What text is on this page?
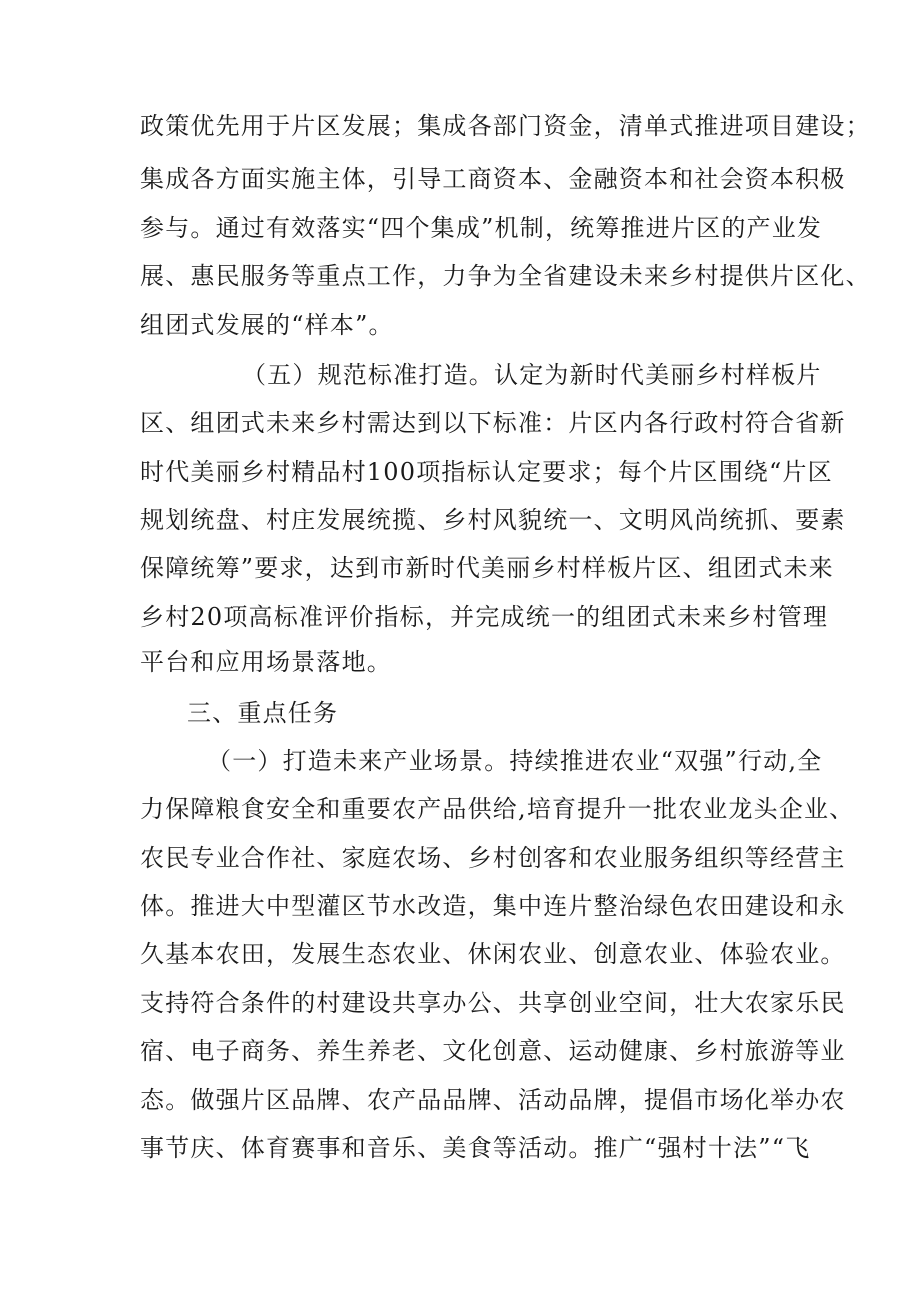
政策优先用于片区发展；集成各部门资金，清单式推进项目建设；
集成各方面实施主体，引导工商资本、金融资本和社会资本积极
参与。通过有效落实“四个集成”机制，统筹推进片区的产业发
展、惠民服务等重点工作，力争为全省建设未来乡村提供片区化、
组团式发展的“样本”。
（五）规范标准打造。认定为新时代美丽乡村样板片
区、组团式未来乡村需达到以下标准：片区内各行政村符合省新
时代美丽乡村精品村100项指标认定要求；每个片区围绕“片区
规划统盘、村庄发展统揽、乡村风貌统一、文明风尚统抓、要素
保障统筹”要求，达到市新时代美丽乡村样板片区、组团式未来
乡村20项高标准评价指标，并完成统一的组团式未来乡村管理
平台和应用场景落地。
三、重点任务
（一）打造未来产业场景。持续推进农业“双强”行动,全
力保障粮食安全和重要农产品供给,培育提升一批农业龙头企业、
农民专业合作社、家庭农场、乡村创客和农业服务组织等经营主
体。推进大中型灌区节水改造，集中连片整治绿色农田建设和永
久基本农田，发展生态农业、休闲农业、创意农业、体验农业。
支持符合条件的村建设共享办公、共享创业空间，壮大农家乐民
宿、电子商务、养生养老、文化创意、运动健康、乡村旅游等业
态。做强片区品牌、农产品品牌、活动品牌，提倡市场化举办农
事节庆、体育赛事和音乐、美食等活动。推广“强村十法”“飞
